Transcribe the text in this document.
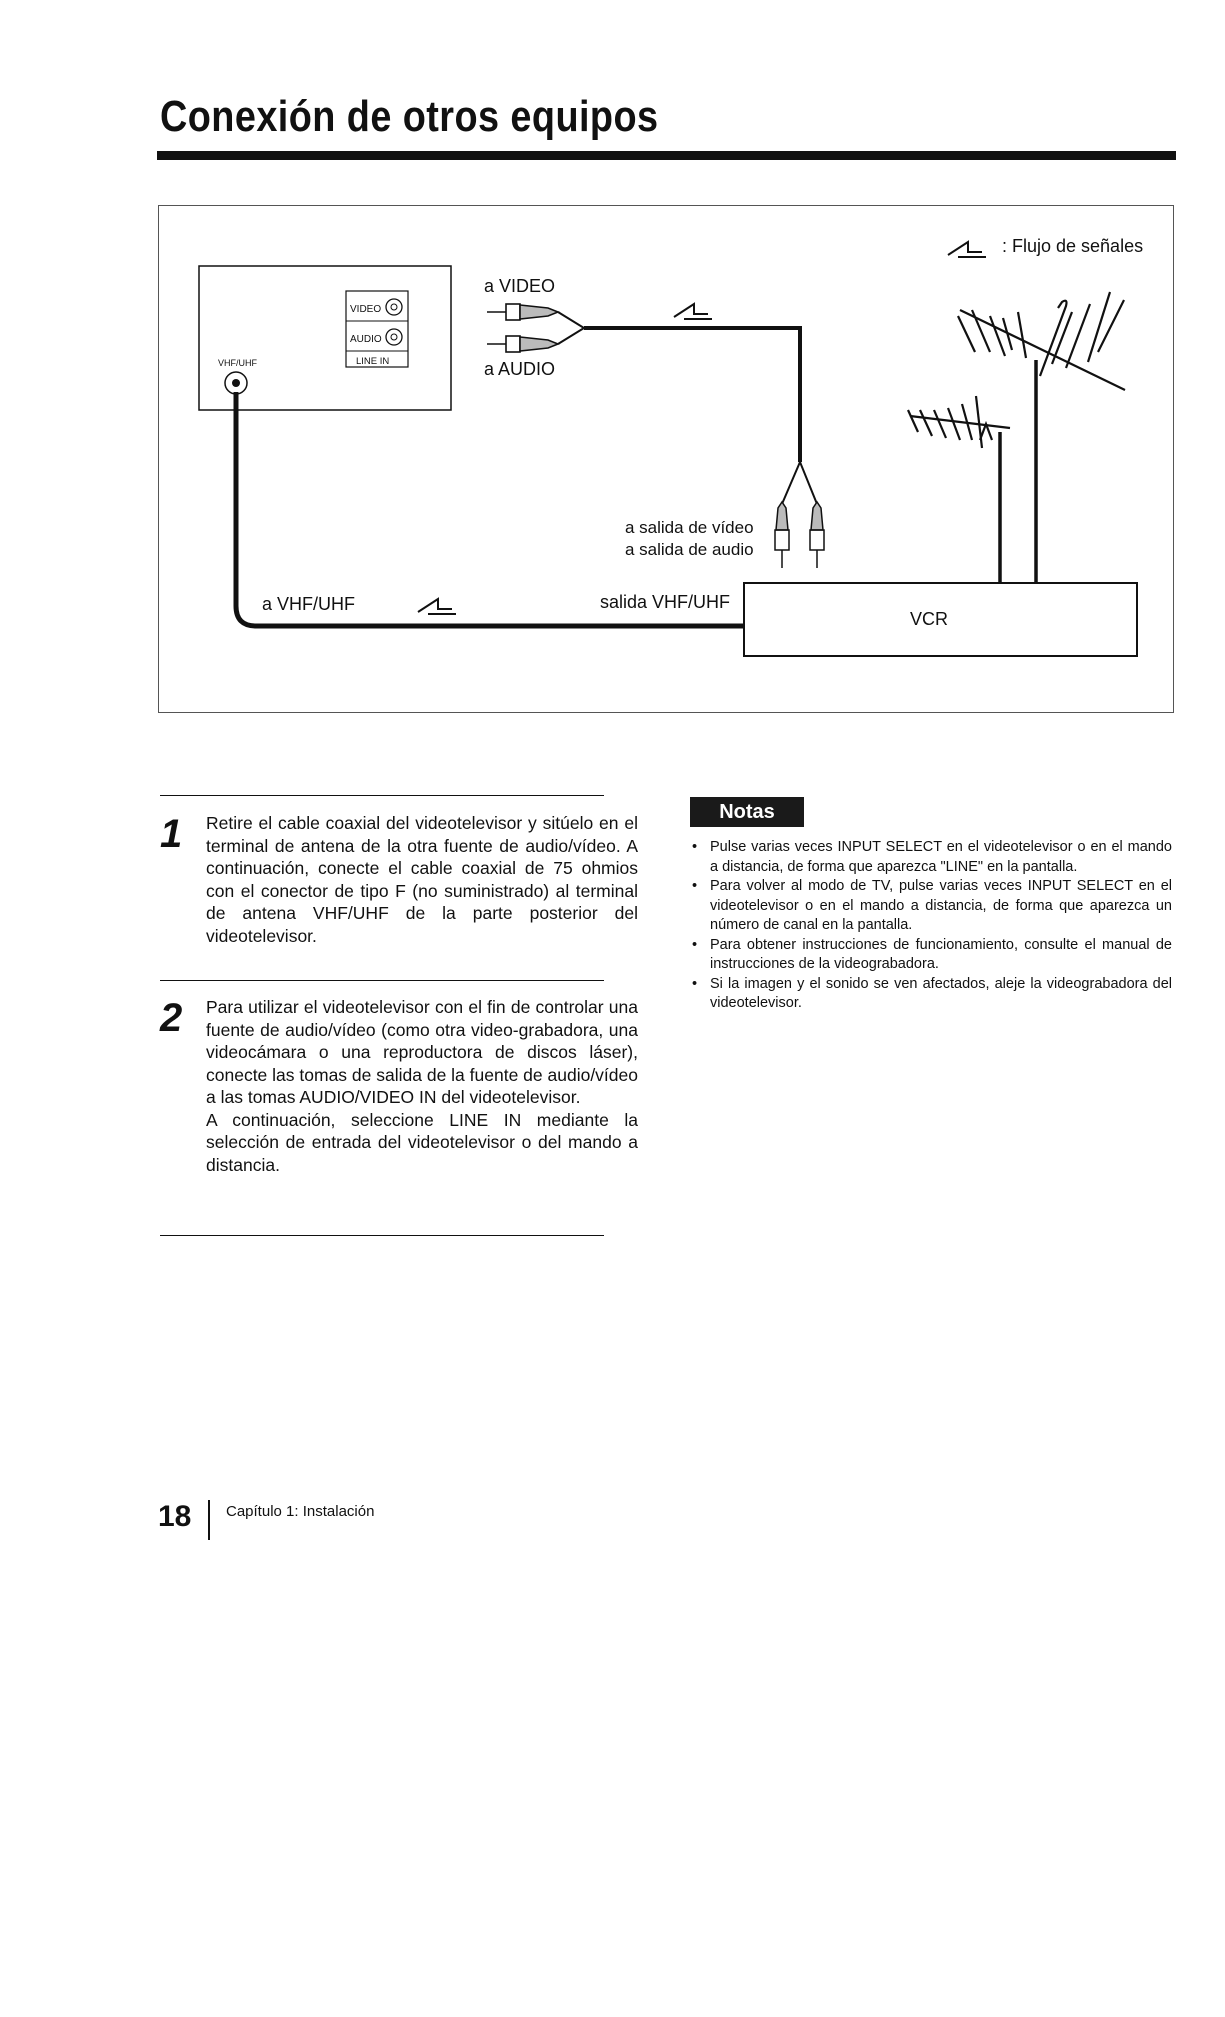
Conexión de otros equipos
: Flujo de señales
VIDEO
AUDIO
LINE IN
VHF/UHF
a VHF/UHF	salida VHF/UHF
a VIDEO
a AUDIO
a salida de vídeo
a salida de audio
VCR
1 Retire el cable coaxial del videotelevisor y sitúelo en el terminal de antena de la otra fuente de audio/vídeo. A continuación, conecte el cable coaxial de 75 ohmios con el conector de tipo F (no suministrado) al terminal de antena VHF/UHF de la parte posterior del videotelevisor.

2 Para utilizar el videotelevisor con el fin de controlar una fuente de audio/vídeo (como otra video-grabadora, una videocámara o una reproductora de discos láser), conecte las tomas de salida de la fuente de audio/vídeo a las tomas AUDIO/VIDEO IN del videotelevisor.

A continuación, seleccione LINE IN mediante la selección de entrada del videotelevisor o del mando a distancia.

Notas
• Pulse varias veces INPUT SELECT en el videotelevisor o en el mando a distancia, de forma que aparezca "LINE" en la pantalla.
• Para volver al modo de TV, pulse varias veces INPUT SELECT en el videotelevisor o en el mando a distancia, de forma que aparezca un número de canal en la pantalla.
• Para obtener instrucciones de funcionamiento, consulte el manual de instrucciones de la videograbadora.
• Si la imagen y el sonido se ven afectados, aleje la videograbadora del videotelevisor.
18 Capítulo 1: Instalación
